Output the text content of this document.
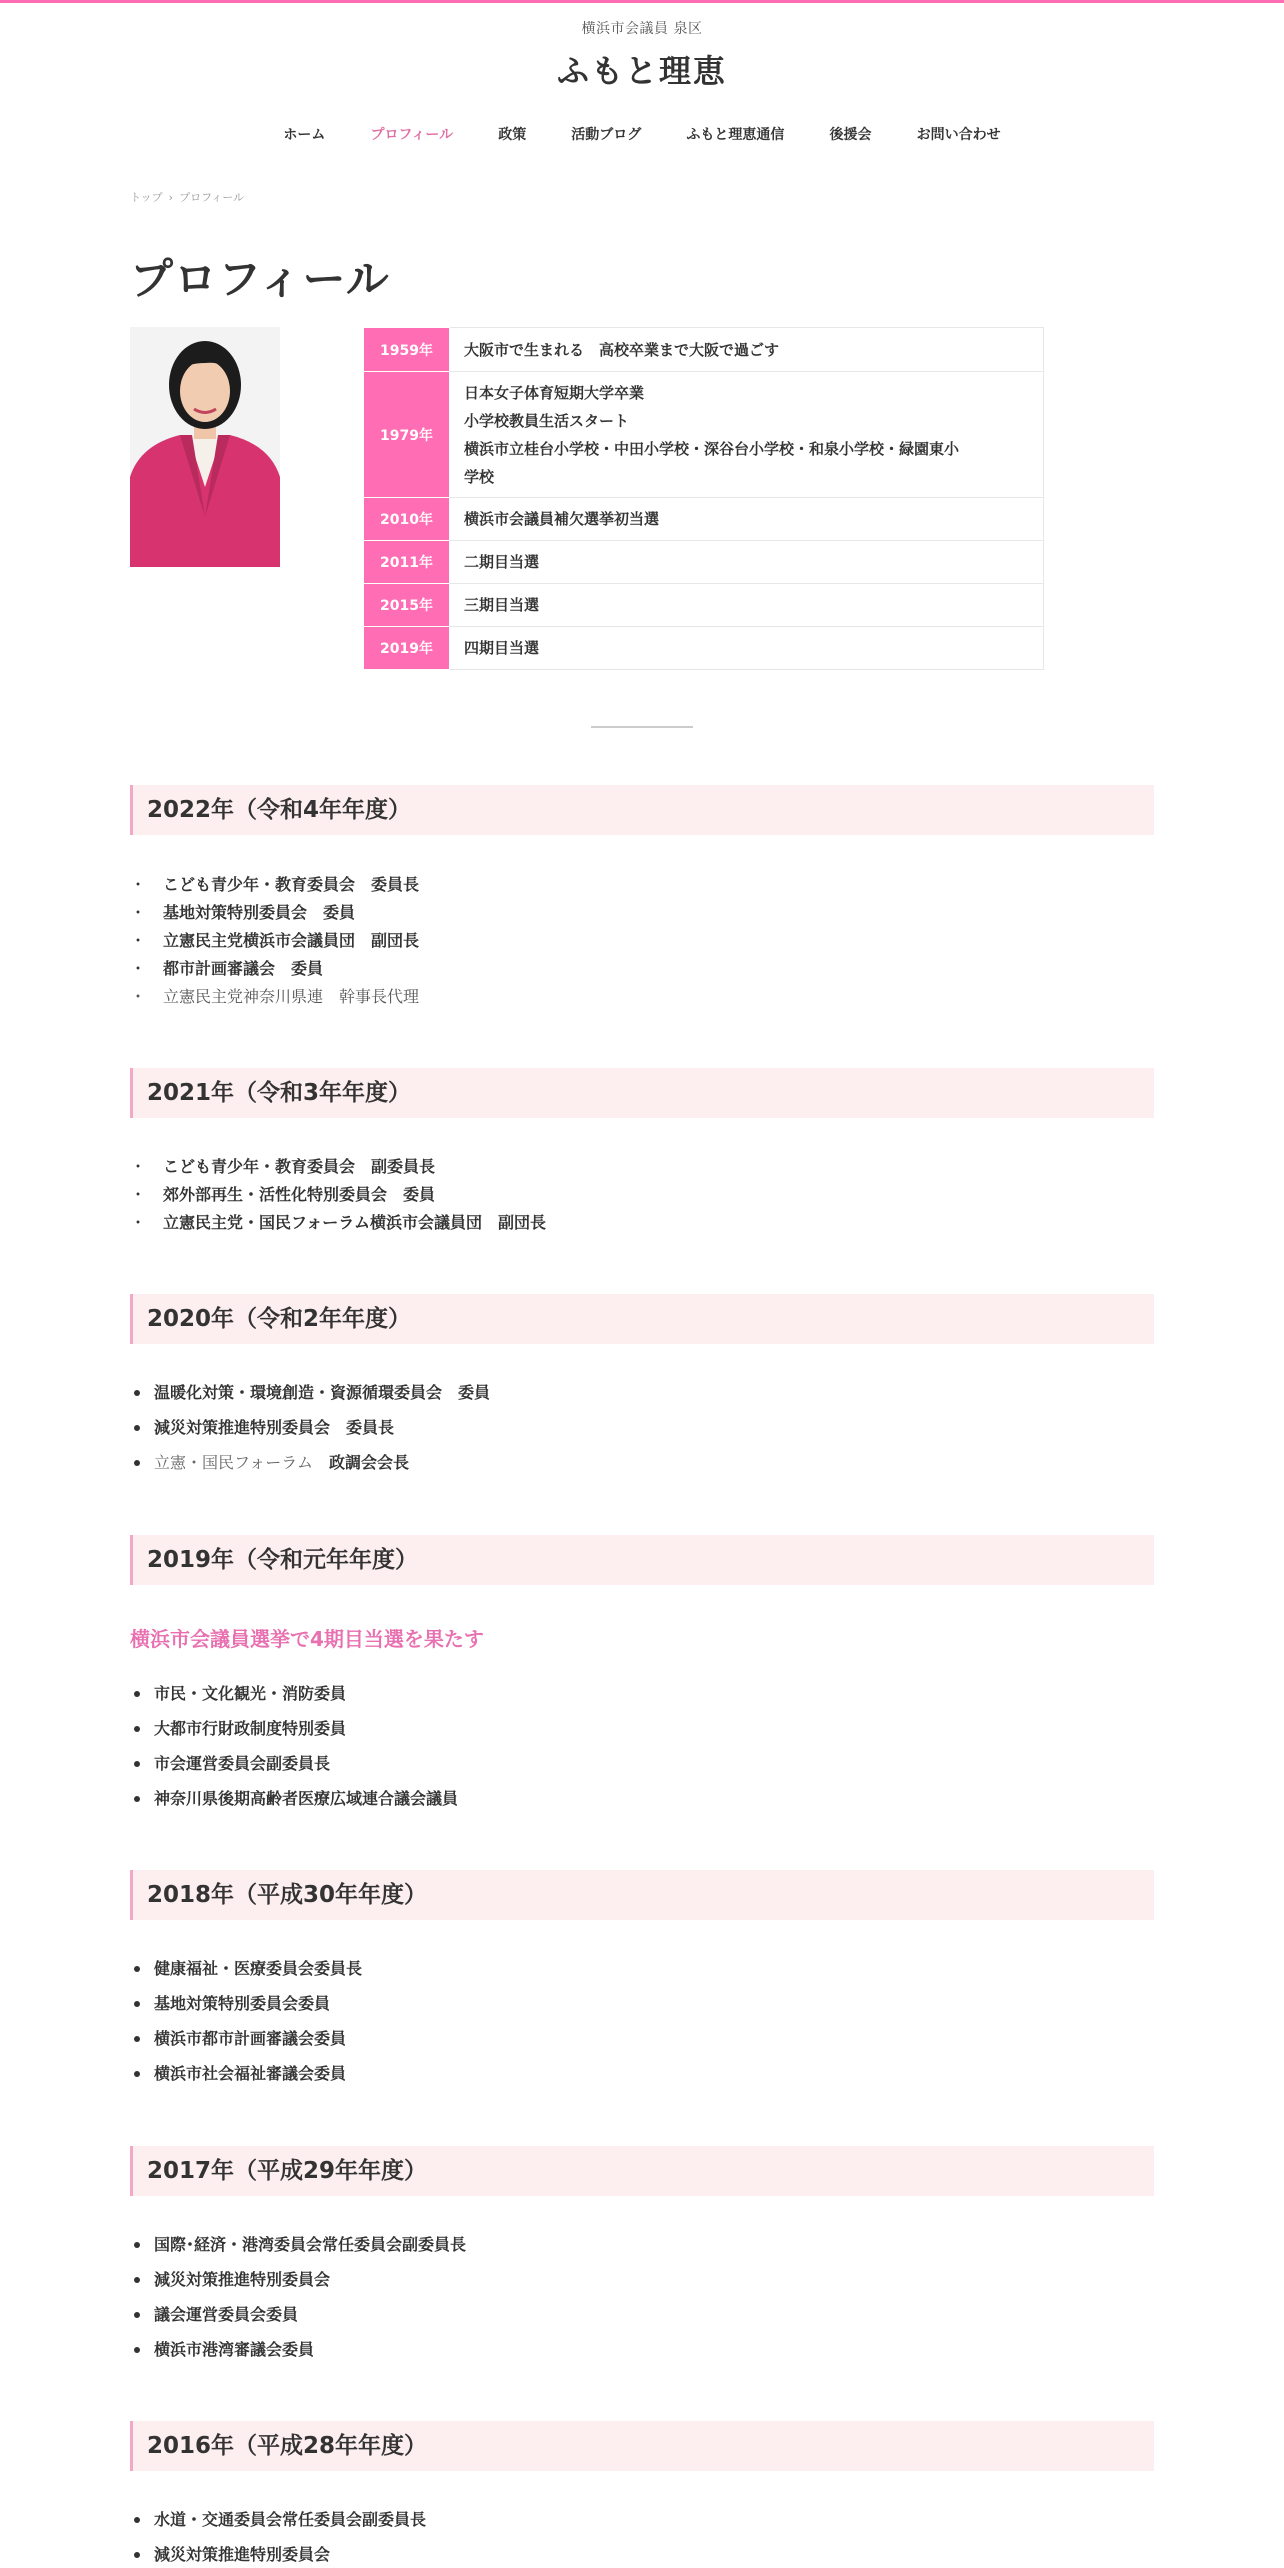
横浜市会議員 泉区
ふもと理恵
ホーム	プロフィール	政策	活動ブログ	ふもと理恵通信	後援会	お問い合わせ
トップ › プロフィール
プロフィール
1959年	大阪市で生まれる　高校卒業まで大阪で過ごす

1979年	日本女子体育短期大学卒業
小学校教員生活スタート
横浜市立桂台小学校・中田小学校・深谷台小学校・和泉小学校・緑園東小
学校

2010年	横浜市会議員補欠選挙初当選

2011年	二期目当選

2015年	三期目当選

2019年	四期目当選
2022年（令和4年年度）
・ こども青少年・教育委員会　委員長
・ 基地対策特別委員会　委員
・ 立憲民主党横浜市会議員団　副団長
・ 都市計画審議会　委員
・ 立憲民主党神奈川県連　幹事長代理
2021年（令和3年年度）
・ こども青少年・教育委員会　副委員長
・ 郊外部再生・活性化特別委員会　委員
・ 立憲民主党・国民フォーラム横浜市会議員団　副団長
2020年（令和2年年度）
温暖化対策・環境創造・資源循環委員会　委員
減災対策推進特別委員会　委員長
立憲・国民フォーラム　政調会会長
2019年（令和元年年度）
横浜市会議員選挙で4期目当選を果たす
市民・文化観光・消防委員
大都市行財政制度特別委員
市会運営委員会副委員長
神奈川県後期高齢者医療広域連合議会議員
2018年（平成30年年度）
健康福祉・医療委員会委員長
基地対策特別委員会委員
横浜市都市計画審議会委員
横浜市社会福祉審議会委員
2017年（平成29年年度）
国際･経済・港湾委員会常任委員会副委員長
減災対策推進特別委員会
議会運営委員会委員
横浜市港湾審議会委員
2016年（平成28年年度）
水道・交通委員会常任委員会副委員長
減災対策推進特別委員会
